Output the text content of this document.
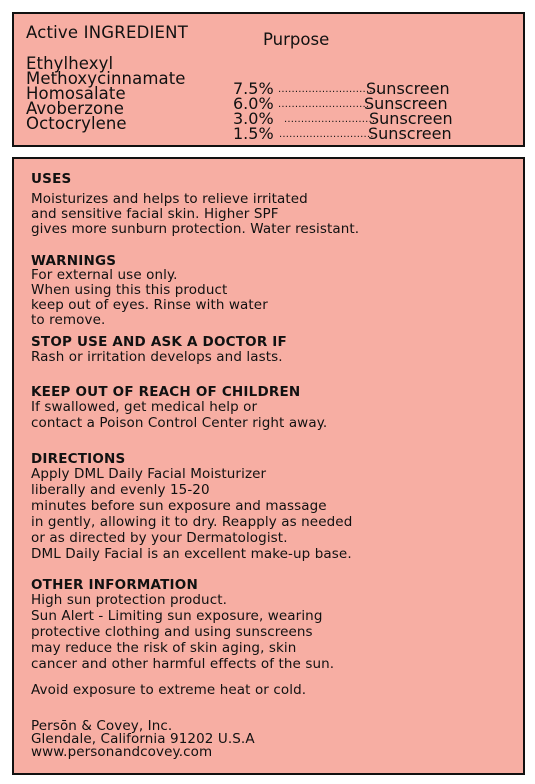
Active INGREDIENT	Purpose
Ethylhexyl
Methoxycinnamate
Homosalate
Avoberzone
Octocrylene
7.5% ..............................
Sunscreen
6.0% ...........................
Sunscreen
3.0% ...........................
Sunscreen
1.5% ............................
Sunscreen
USES
Moisturizes and helps to relieve irritated
and sensitive facial skin. Higher SPF
gives more sunburn protection. Water resistant.
WARNINGS
For external use only.
When using this this product
keep out of eyes. Rinse with water
to remove.
STOP USE AND ASK A DOCTOR IF
Rash or irritation develops and lasts.
KEEP OUT OF REACH OF CHILDREN
If swallowed, get medical help or
contact a Poison Control Center right away.
DIRECTIONS
Apply DML Daily Facial Moisturizer
liberally and evenly 15-20
minutes before sun exposure and massage
in gently, allowing it to dry. Reapply as needed
or as directed by your Dermatologist.
DML Daily Facial is an excellent make-up base.
OTHER INFORMATION
High sun protection product.
Sun Alert - Limiting sun exposure, wearing
protective clothing and using sunscreens
may reduce the risk of skin aging, skin
cancer and other harmful effects of the sun.
Avoid exposure to extreme heat or cold.
Persōn & Covey, Inc.
Glendale, California 91202 U.S.A
www.personandcovey.com
